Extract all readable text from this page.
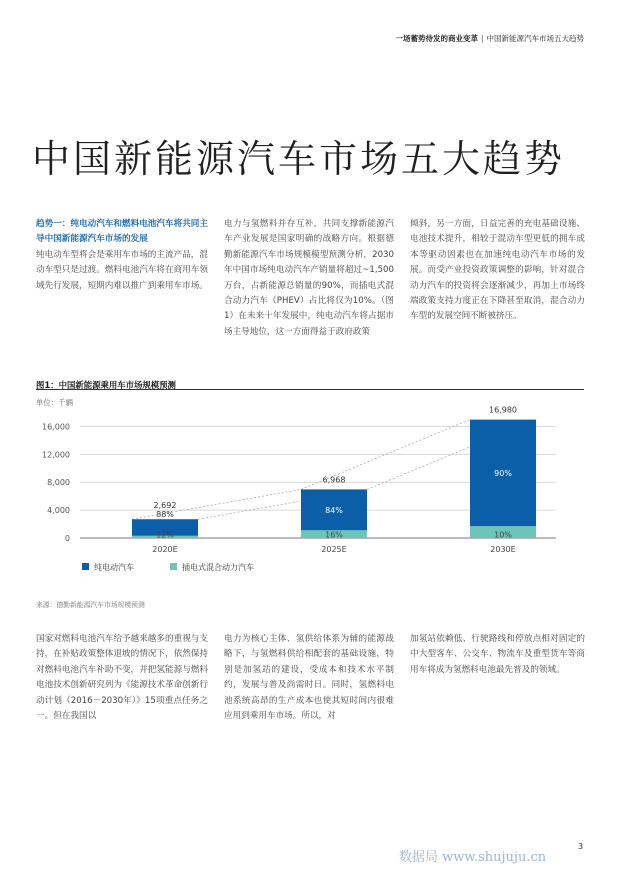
一场蓄势待发的商业变革 | 中国新能源汽车市场五大趋势
中国新能源汽车市场五大趋势
趋势一：纯电动汽车和燃料电池汽车将共同主导中国新能源汽车市场的发展
纯电动车型将会是乘用车市场的主流产品，混动车型只是过渡。燃料电池汽车将在商用车领域先行发展，短期内难以推广到乘用车市场。
电力与氢燃料并存互补，共同支撑新能源汽车产业发展是国家明确的战略方向。根据德勤新能源汽车市场规模模型预测分析，2030年中国市场纯电动汽车产销量将超过~1,500万台，占新能源总销量的90%，而插电式混合动力汽车（PHEV）占比将仅为10%。（图1）在未来十年发展中，纯电动汽车将占据市场主导地位，这一方面得益于政府政策
倾斜，另一方面，日益完善的充电基础设施、电池技术提升，相较于混动车型更低的拥车成本等驱动因素也在加速纯电动汽车市场的发展。而受产业投资政策调整的影响，针对混合动力汽车的投资将会逐渐减少，再加上市场终端政策支持力度正在下降甚至取消，混合动力车型的发展空间不断被挤压。
图1：中国新能源乘用车市场规模预测
单位：千辆
0
4,000
8,000
12,000
16,000
12%
88%
2,692
2020E
16%
84%
6,968
2025E
10%
90%
16,980
2030E
纯电动汽车	插电式混合动力汽车
来源：德勤新能源汽车市场规模预测
国家对燃料电池汽车给予越来越多的重视与支持，在补贴政策整体退坡的情况下，依然保持对燃料电池汽车补助不变，并把氢能源与燃料电池技术创新研究列为《能源技术革命创新行动计划（2016－2030年）》15项重点任务之一。但在我国以
电力为核心主体、氢供给体系为辅的能源战略下，与氢燃料供给相配套的基础设施，特别是加氢站的建设，受成本和技术水平制约，发展与普及尚需时日。同时，氢燃料电池系统高昂的生产成本也使其短时间内很难应用到乘用车市场。所以，对
加氢站依赖低、行驶路线和停放点相对固定的中大型客车、公交车、物流车及重型货车等商用车将成为氢燃料电池最先普及的领域。
3
数据局 www.shujuju.cn
